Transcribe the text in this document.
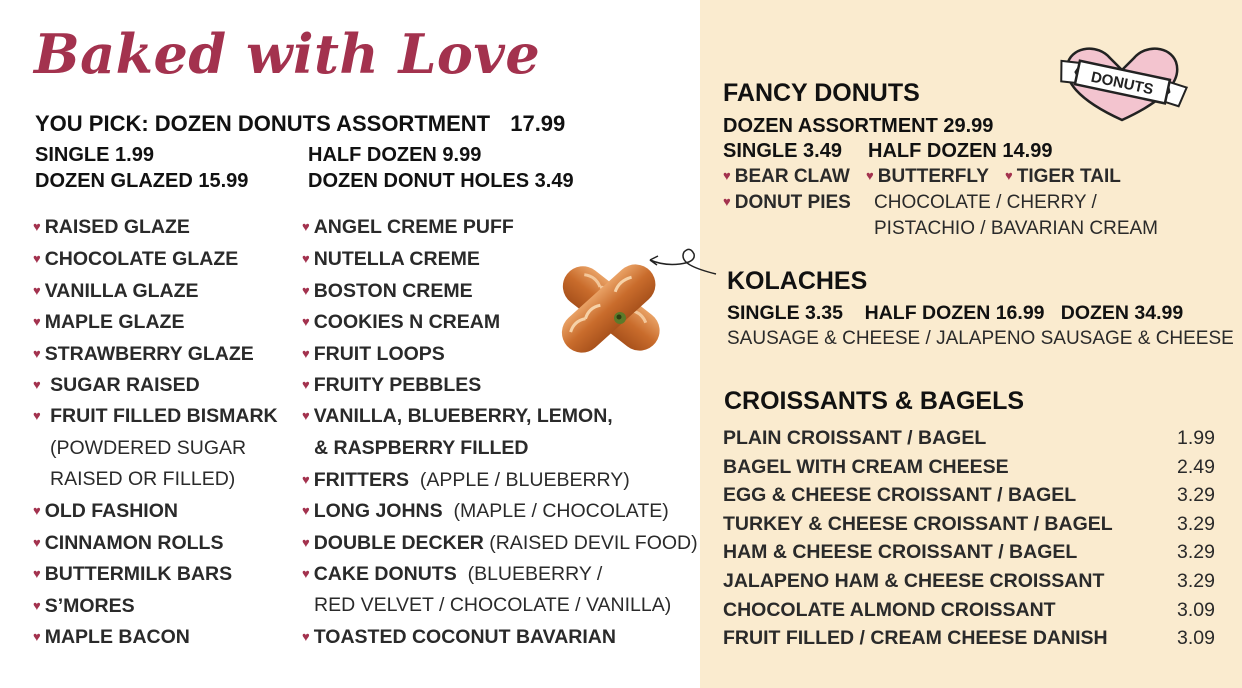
Baked with Love
YOU PICK: DOZEN DONUTS ASSORTMENT 17.99
SINGLE 1.99	HALF DOZEN 9.99
DOZEN GLAZED 15.99	DOZEN DONUT HOLES 3.49
♥ RAISED GLAZE
♥ CHOCOLATE GLAZE
♥ VANILLA GLAZE
♥ MAPLE GLAZE
♥ STRAWBERRY GLAZE
♥ SUGAR RAISED
♥ FRUIT FILLED BISMARK
♥ OLD FASHION
♥ CINNAMON ROLLS
♥ BUTTERMILK BARS
♥ S’MORES
♥ MAPLE BACON
(POWDERED SUGAR
RAISED OR FILLED)
♥ ANGEL CREME PUFF
♥ NUTELLA CREME
♥ BOSTON CREME
♥ COOKIES N CREAM
♥ FRUIT LOOPS
♥ FRUITY PEBBLES
♥ VANILLA, BLUEBERRY, LEMON,
♥ FRITTERS  (APPLE / BLUEBERRY)
♥ LONG JOHNS  (MAPLE / CHOCOLATE)
♥ DOUBLE DECKER (RAISED DEVIL FOOD)
♥ CAKE DONUTS  (BLUEBERRY /
♥ TOASTED COCONUT BAVARIAN
& RASPBERRY FILLED
RED VELVET / CHOCOLATE / VANILLA)
FANCY DONUTS	DONUTS
DOZEN ASSORTMENT 29.99
SINGLE 3.49 HALF DOZEN 14.99
♥ BEAR CLAW ♥ BUTTERFLY ♥ TIGER TAIL
♥ DONUT PIES CHOCOLATE / CHERRY /
PISTACHIO / BAVARIAN CREAM
KOLACHES
SINGLE 3.35    HALF DOZEN 16.99   DOZEN 34.99
SAUSAGE & CHEESE / JALAPENO SAUSAGE & CHEESE
CROISSANTS & BAGELS
PLAIN CROISSANT / BAGEL	1.99
BAGEL WITH CREAM CHEESE	2.49
EGG & CHEESE CROISSANT / BAGEL	3.29
TURKEY & CHEESE CROISSANT / BAGEL	3.29
HAM & CHEESE CROISSANT / BAGEL	3.29
JALAPENO HAM & CHEESE CROISSANT	3.29
CHOCOLATE ALMOND CROISSANT	3.09
FRUIT FILLED / CREAM CHEESE DANISH	3.09
